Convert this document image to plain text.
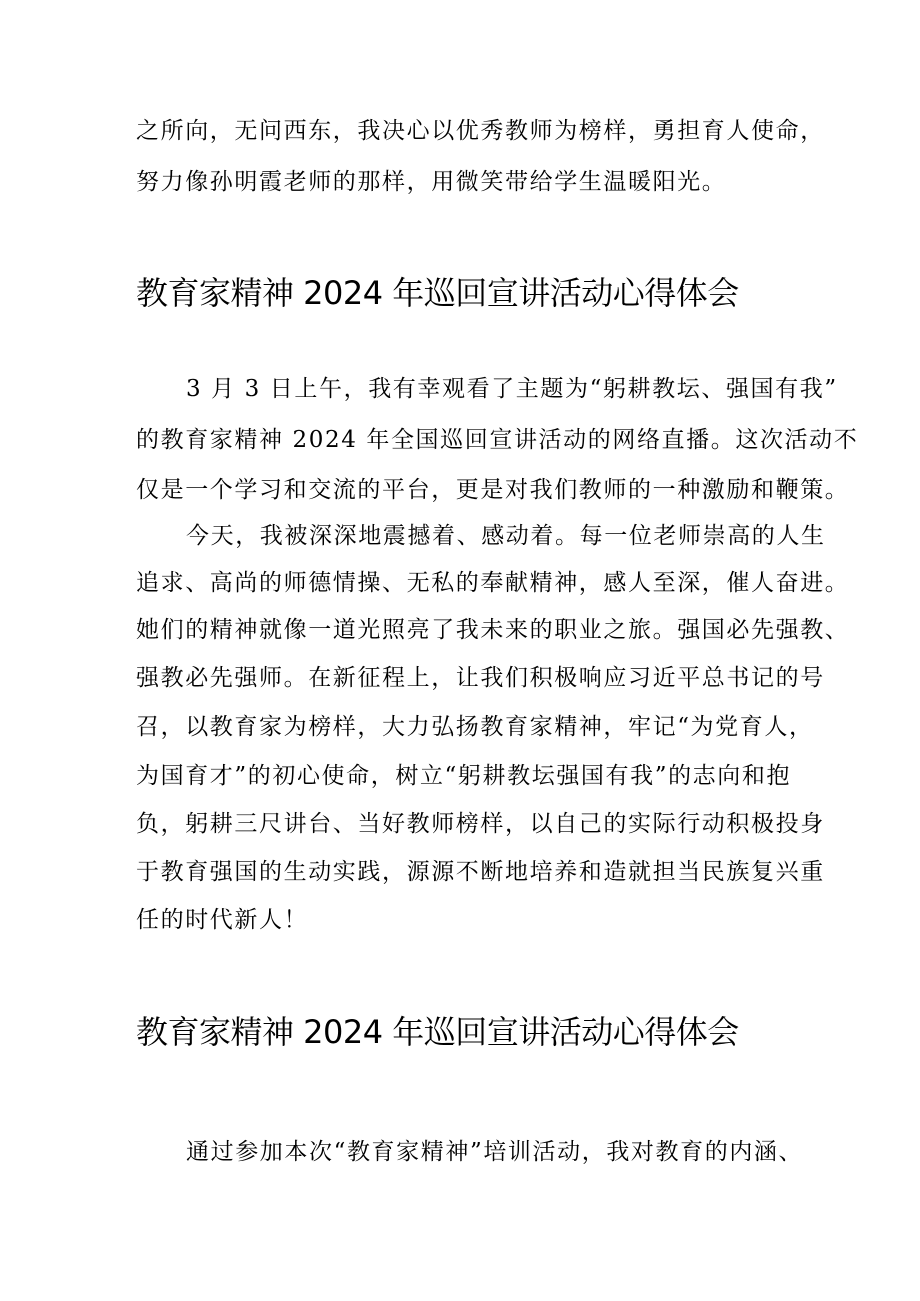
之所向，无问西东，我决心以优秀教师为榜样，勇担育人使命，
努力像孙明霞老师的那样，用微笑带给学生温暖阳光。
教育家精神 2024 年巡回宣讲活动心得体会
3 月 3 日上午，我有幸观看了主题为“躬耕教坛、强国有我”
的教育家精神 2024 年全国巡回宣讲活动的网络直播。这次活动不
仅是一个学习和交流的平台，更是对我们教师的一种激励和鞭策。
今天，我被深深地震撼着、感动着。每一位老师崇高的人生
追求、高尚的师德情操、无私的奉献精神，感人至深，催人奋进。
她们的精神就像一道光照亮了我未来的职业之旅。强国必先强教、
强教必先强师。在新征程上，让我们积极响应习近平总书记的号
召，以教育家为榜样，大力弘扬教育家精神，牢记“为党育人，
为国育才”的初心使命，树立“躬耕教坛强国有我”的志向和抱
负，躬耕三尺讲台、当好教师榜样，以自己的实际行动积极投身
于教育强国的生动实践，源源不断地培养和造就担当民族复兴重
任的时代新人！
教育家精神 2024 年巡回宣讲活动心得体会
通过参加本次“教育家精神”培训活动，我对教育的内涵、
